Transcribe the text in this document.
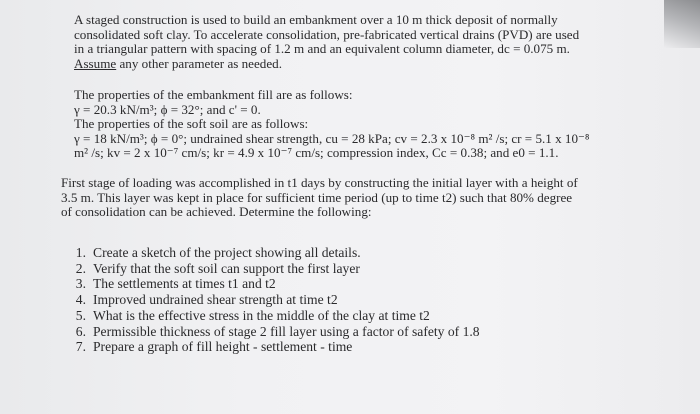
A staged construction is used to build an embankment over a 10 m thick deposit of normally
consolidated soft clay. To accelerate consolidation, pre-fabricated vertical drains (PVD) are used
in a triangular pattern with spacing of 1.2 m and an equivalent column diameter, dc = 0.075 m.
Assume any other parameter as needed.

The properties of the embankment fill are as follows:
γ = 20.3 kN/m³; ϕ = 32°; and c' = 0.
The properties of the soft soil are as follows:
γ = 18 kN/m³; ϕ = 0°; undrained shear strength, cu = 28 kPa; cv = 2.3 x 10⁻⁸ m² /s; cr = 5.1 x 10⁻⁸
m² /s; kv = 2 x 10⁻⁷ cm/s; kr = 4.9 x 10⁻⁷ cm/s; compression index, Cc = 0.38; and e0 = 1.1.

First stage of loading was accomplished in t1 days by constructing the initial layer with a height of
3.5 m. This layer was kept in place for sufficient time period (up to time t2) such that 80% degree
of consolidation can be achieved. Determine the following:

1. Create a sketch of the project showing all details.
2. Verify that the soft soil can support the first layer
3. The settlements at times t1 and t2
4. Improved undrained shear strength at time t2
5. What is the effective stress in the middle of the clay at time t2
6. Permissible thickness of stage 2 fill layer using a factor of safety of 1.8
7. Prepare a graph of fill height - settlement - time
